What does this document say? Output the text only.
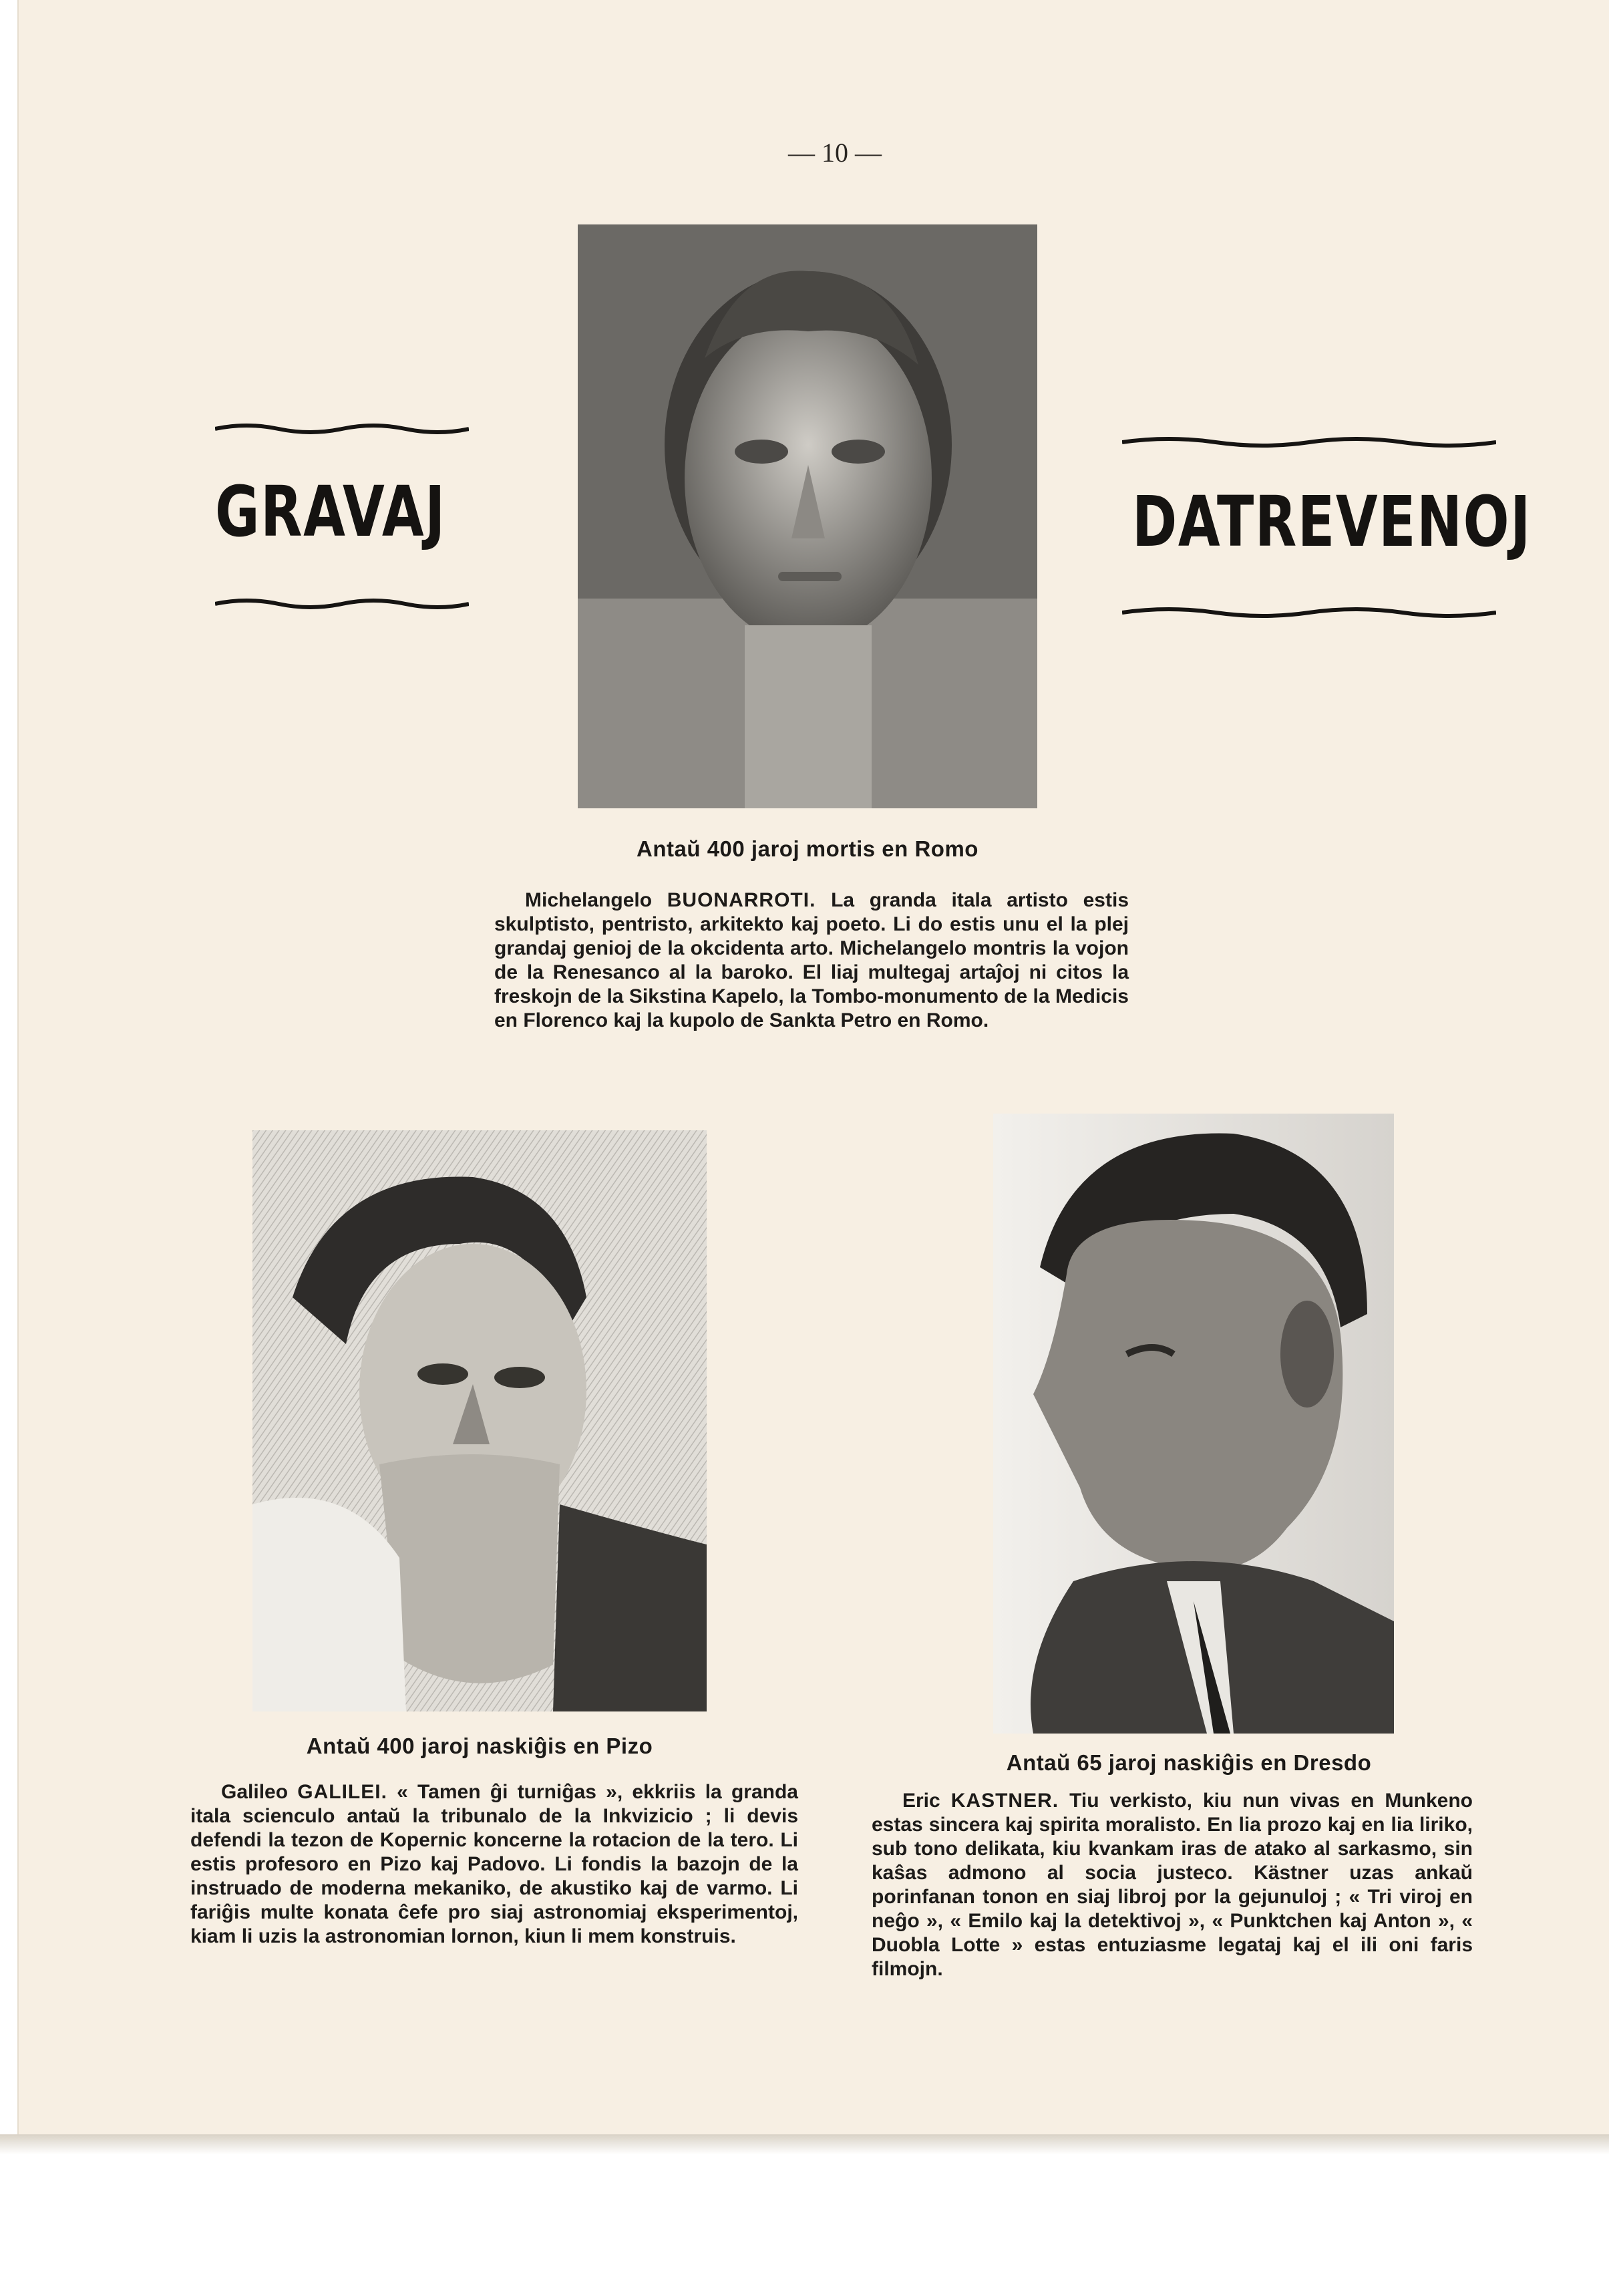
— 10 —
GRAVAJ	DATREVENOJ
Antaŭ 400 jaroj mortis en Romo

Michelangelo BUONARROTI. La granda itala artisto estis skulptisto, pentristo, arkitekto kaj poeto. Li do estis unu el la plej grandaj genioj de la okcidenta arto. Michelangelo montris la vojon de la Renesanco al la baroko. El liaj multegaj artaĵoj ni citos la freskojn de la Sikstina Kapelo, la Tombo-monumento de la Medicis en Florenco kaj la kupolo de Sankta Petro en Romo.

Antaŭ 400 jaroj naskiĝis en Pizo

Galileo GALILEI. « Tamen ĝi turniĝas », ekkriis la granda itala scienculo antaŭ la tribunalo de la Inkvizicio ; li devis defendi la tezon de Kopernic koncerne la rotacion de la tero. Li estis profesoro en Pizo kaj Padovo. Li fondis la bazojn de la instruado de moderna mekaniko, de akustiko kaj de varmo. Li fariĝis multe konata ĉefe pro siaj astronomiaj eksperimentoj, kiam li uzis la astronomian lornon, kiun li mem konstruis.

Antaŭ 65 jaroj naskiĝis en Dresdo

Eric KASTNER. Tiu verkisto, kiu nun vivas en Munkeno estas sincera kaj spirita moralisto. En lia prozo kaj en lia liriko, sub tono delikata, kiu kvankam iras de atako al sarkasmo, sin kaŝas admono al socia justeco. Kästner uzas ankaŭ porinfanan tonon en siaj libroj por la gejunuloj ; « Tri viroj en neĝo », « Emilo kaj la detektivoj », « Punktchen kaj Anton », « Duobla Lotte » estas entuziasme legataj kaj el ili oni faris filmojn.
